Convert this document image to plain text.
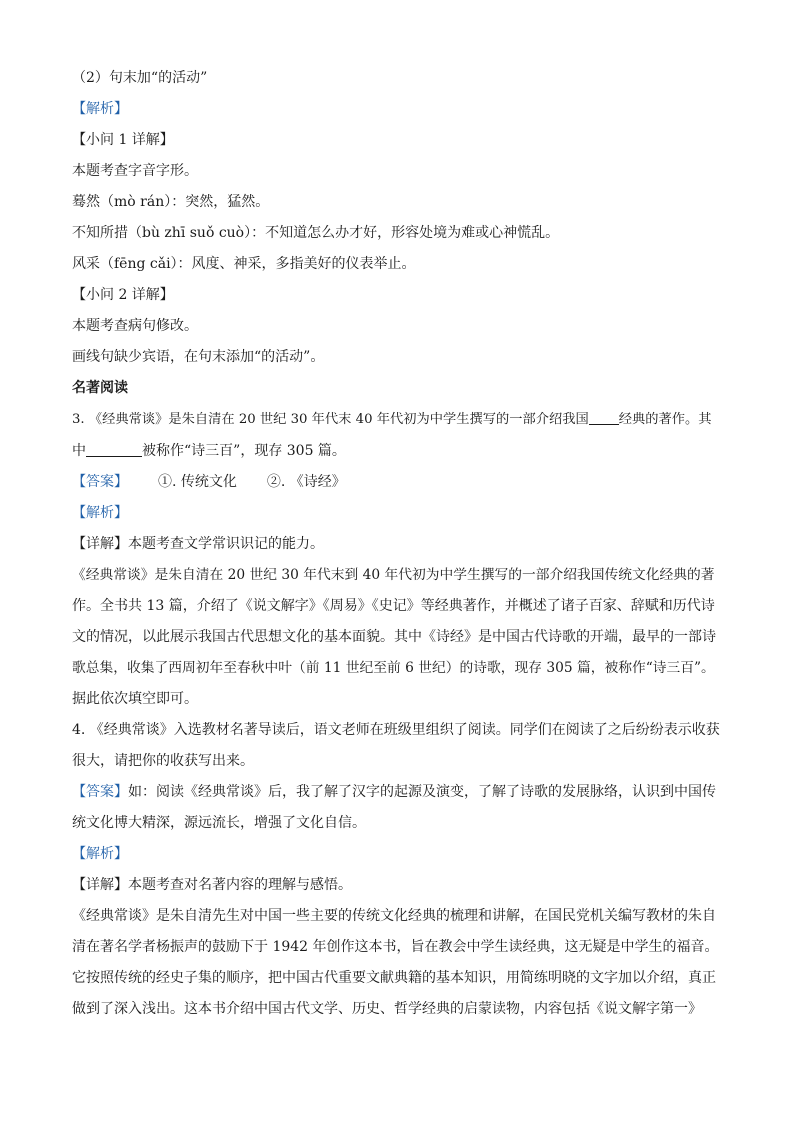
（2）句末加“的活动”
【解析】
【小问 1 详解】
本题考查字音字形。
蓦然（mò rán）：突然，猛然。
不知所措（bù zhī suǒ cuò）：不知道怎么办才好，形容处境为难或心神慌乱。
风采（fēng cǎi）：风度、神采，多指美好的仪表举止。
【小问 2 详解】
本题考查病句修改。
画线句缺少宾语，在句末添加“的活动”。
名著阅读
3. 《经典常谈》是朱自清在 20 世纪 30 年代末 40 年代初为中学生撰写的一部介绍我国 经典的著作。其
中	被称作“诗三百”，现存 305 篇。
【答案】 ①. 传统文化 ②. 《诗经》
【解析】
【详解】本题考查文学常识识记的能力。
《经典常谈》是朱自清在 20 世纪 30 年代末到 40 年代初为中学生撰写的一部介绍我国传统文化经典的著
作。全书共 13 篇，介绍了《说文解字》《周易》《史记》等经典著作，并概述了诸子百家、辞赋和历代诗
文的情况，以此展示我国古代思想文化的基本面貌。其中《诗经》是中国古代诗歌的开端，最早的一部诗
歌总集，收集了西周初年至春秋中叶（前 11 世纪至前 6 世纪）的诗歌，现存 305 篇，被称作“诗三百”。
据此依次填空即可。
4. 《经典常谈》入选教材名著导读后，语文老师在班级里组织了阅读。同学们在阅读了之后纷纷表示收获
很大，请把你的收获写出来。
【答案】如：阅读《经典常谈》后，我了解了汉字的起源及演变，了解了诗歌的发展脉络，认识到中国传
统文化博大精深，源远流长，增强了文化自信。
【解析】
【详解】本题考查对名著内容的理解与感悟。
《经典常谈》是朱自清先生对中国一些主要的传统文化经典的梳理和讲解，在国民党机关编写教材的朱自
清在著名学者杨振声的鼓励下于 1942 年创作这本书，旨在教会中学生读经典，这无疑是中学生的福音。
它按照传统的经史子集的顺序，把中国古代重要文献典籍的基本知识，用简练明晓的文字加以介绍，真正
做到了深入浅出。这本书介绍中国古代文学、历史、哲学经典的启蒙读物，内容包括《说文解字第一》
